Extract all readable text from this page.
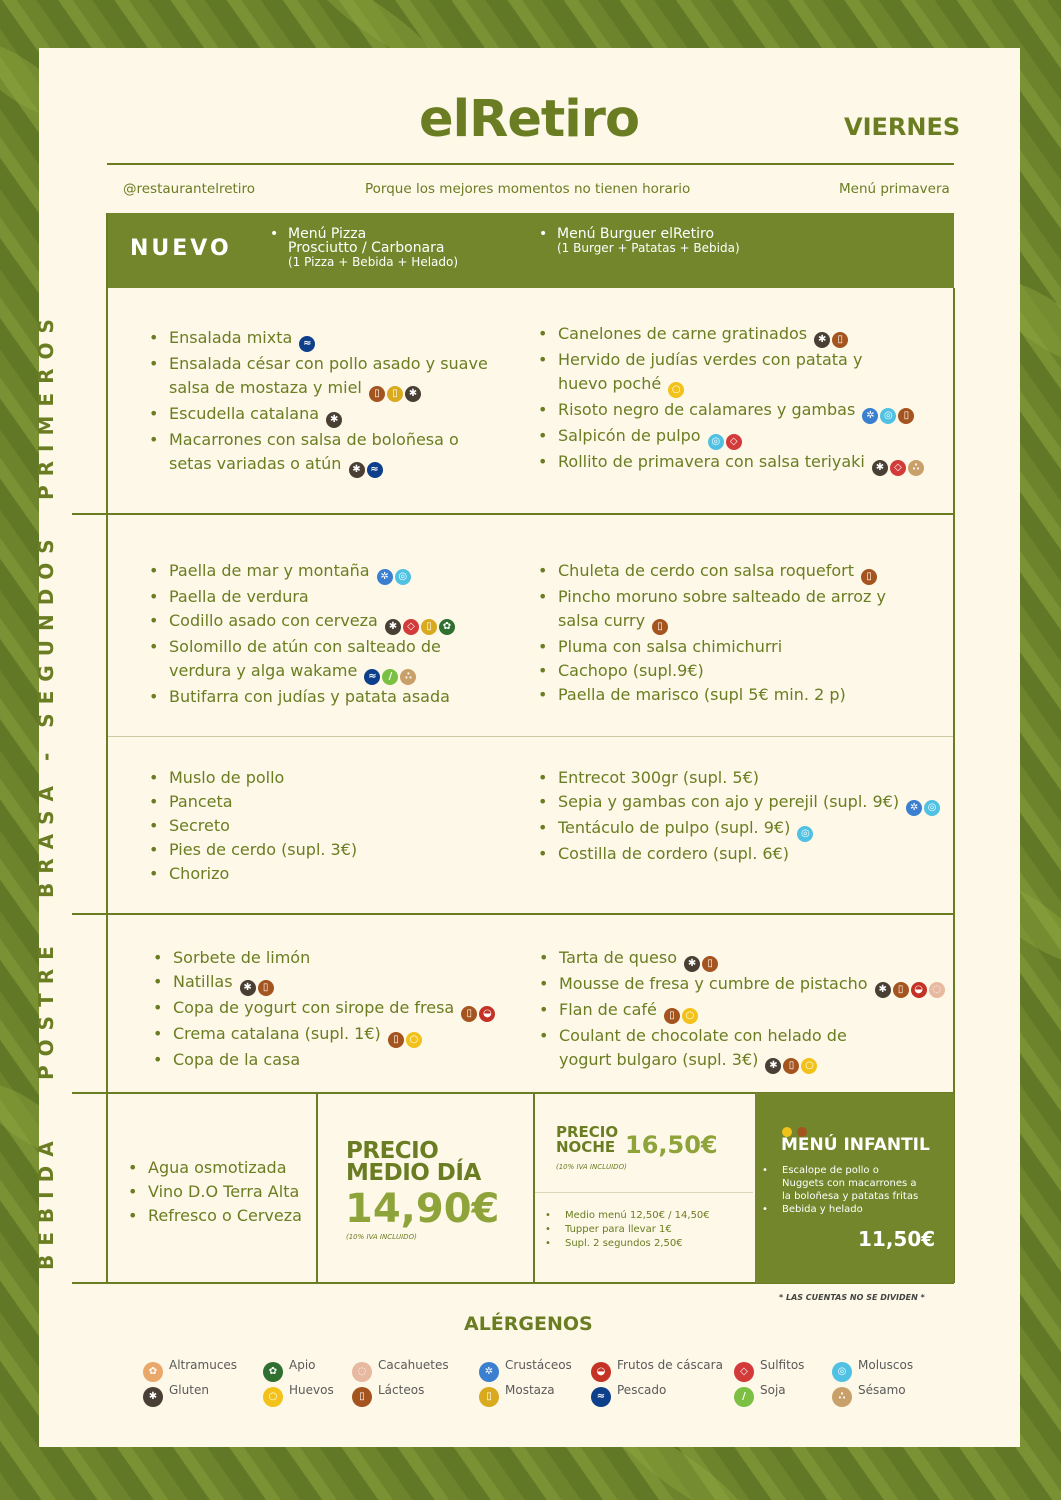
elRetiro	VIERNES
@restaurantelretiro	Porque los mejores momentos no tienen horario	Menú primavera
NUEVO
• Menú Pizza
Prosciutto / Carbonara
(1 Pizza + Bebida + Helado)
• Menú Burguer elRetiro
(1 Burger + Patatas + Bebida)
PRIMEROS
BRASA - SEGUNDOS
POSTRE
BEBIDA
• Ensalada mixta ≈
• Ensalada césar con pollo asado y suave
salsa de mostaza y miel ▯ ▯ ✱
• Escudella catalana ✱
• Macarrones con salsa de boloñesa o
setas variadas o atún ✱ ≈
• Canelones de carne gratinados ✱ ▯
• Hervido de judías verdes con patata y
huevo poché ○
• Risoto negro de calamares y gambas ✲ ◎ ▯
• Salpicón de pulpo ◎ ◇
• Rollito de primavera con salsa teriyaki ✱ ◇ ∴
• Paella de mar y montaña ✲ ◎
• Paella de verdura
• Codillo asado con cerveza ✱ ◇ ▯ ✿
• Solomillo de atún con salteado de
verdura y alga wakame ≈ / ∴
• Butifarra con judías y patata asada
• Chuleta de cerdo con salsa roquefort ▯
• Pincho moruno sobre salteado de arroz y
salsa curry ▯
• Pluma con salsa chimichurri
• Cachopo (supl.9€)
• Paella de marisco (supl 5€ min. 2 p)
• Muslo de pollo
• Panceta
• Secreto
• Pies de cerdo (supl. 3€)
• Chorizo
• Entrecot 300gr (supl. 5€)
• Sepia y gambas con ajo y perejil (supl. 9€) ✲ ◎
• Tentáculo de pulpo (supl. 9€) ◎
• Costilla de cordero (supl. 6€)
• Sorbete de limón
• Natillas ✱ ▯
• Copa de yogurt con sirope de fresa ▯ ◒
• Crema catalana (supl. 1€) ▯ ○
• Copa de la casa
• Tarta de queso ✱ ▯
• Mousse de fresa y cumbre de pistacho ✱ ▯ ◒ ◌
• Flan de café ▯ ○
• Coulant de chocolate con helado de
yogurt bulgaro (supl. 3€) ✱ ▯ ○
• Agua osmotizada
• Vino D.O Terra Alta
• Refresco o Cerveza
PRECIO
MEDIO DÍA
14,90€
(10% IVA INCLUIDO)
PRECIO
NOCHE 16,50€
(10% IVA INCLUIDO)
• Medio menú 12,50€ / 14,50€
• Tupper para llevar 1€
• Supl. 2 segundos 2,50€

MENÚ INFANTIL
• Escalope de pollo o
Nuggets con macarrones a
la boloñesa y patatas fritas
• Bebida y helado
11,50€
* LAS CUENTAS NO SE DIVIDEN *
ALÉRGENOS
✿ Altramuces
✱ Gluten
✿ Apio
○ Huevos
◌ Cacahuetes
▯ Lácteos
✲ Crustáceos
▯ Mostaza
◒ Frutos de cáscara
≈ Pescado
◇ Sulfitos
/ Soja
◎ Moluscos
∴ Sésamo
